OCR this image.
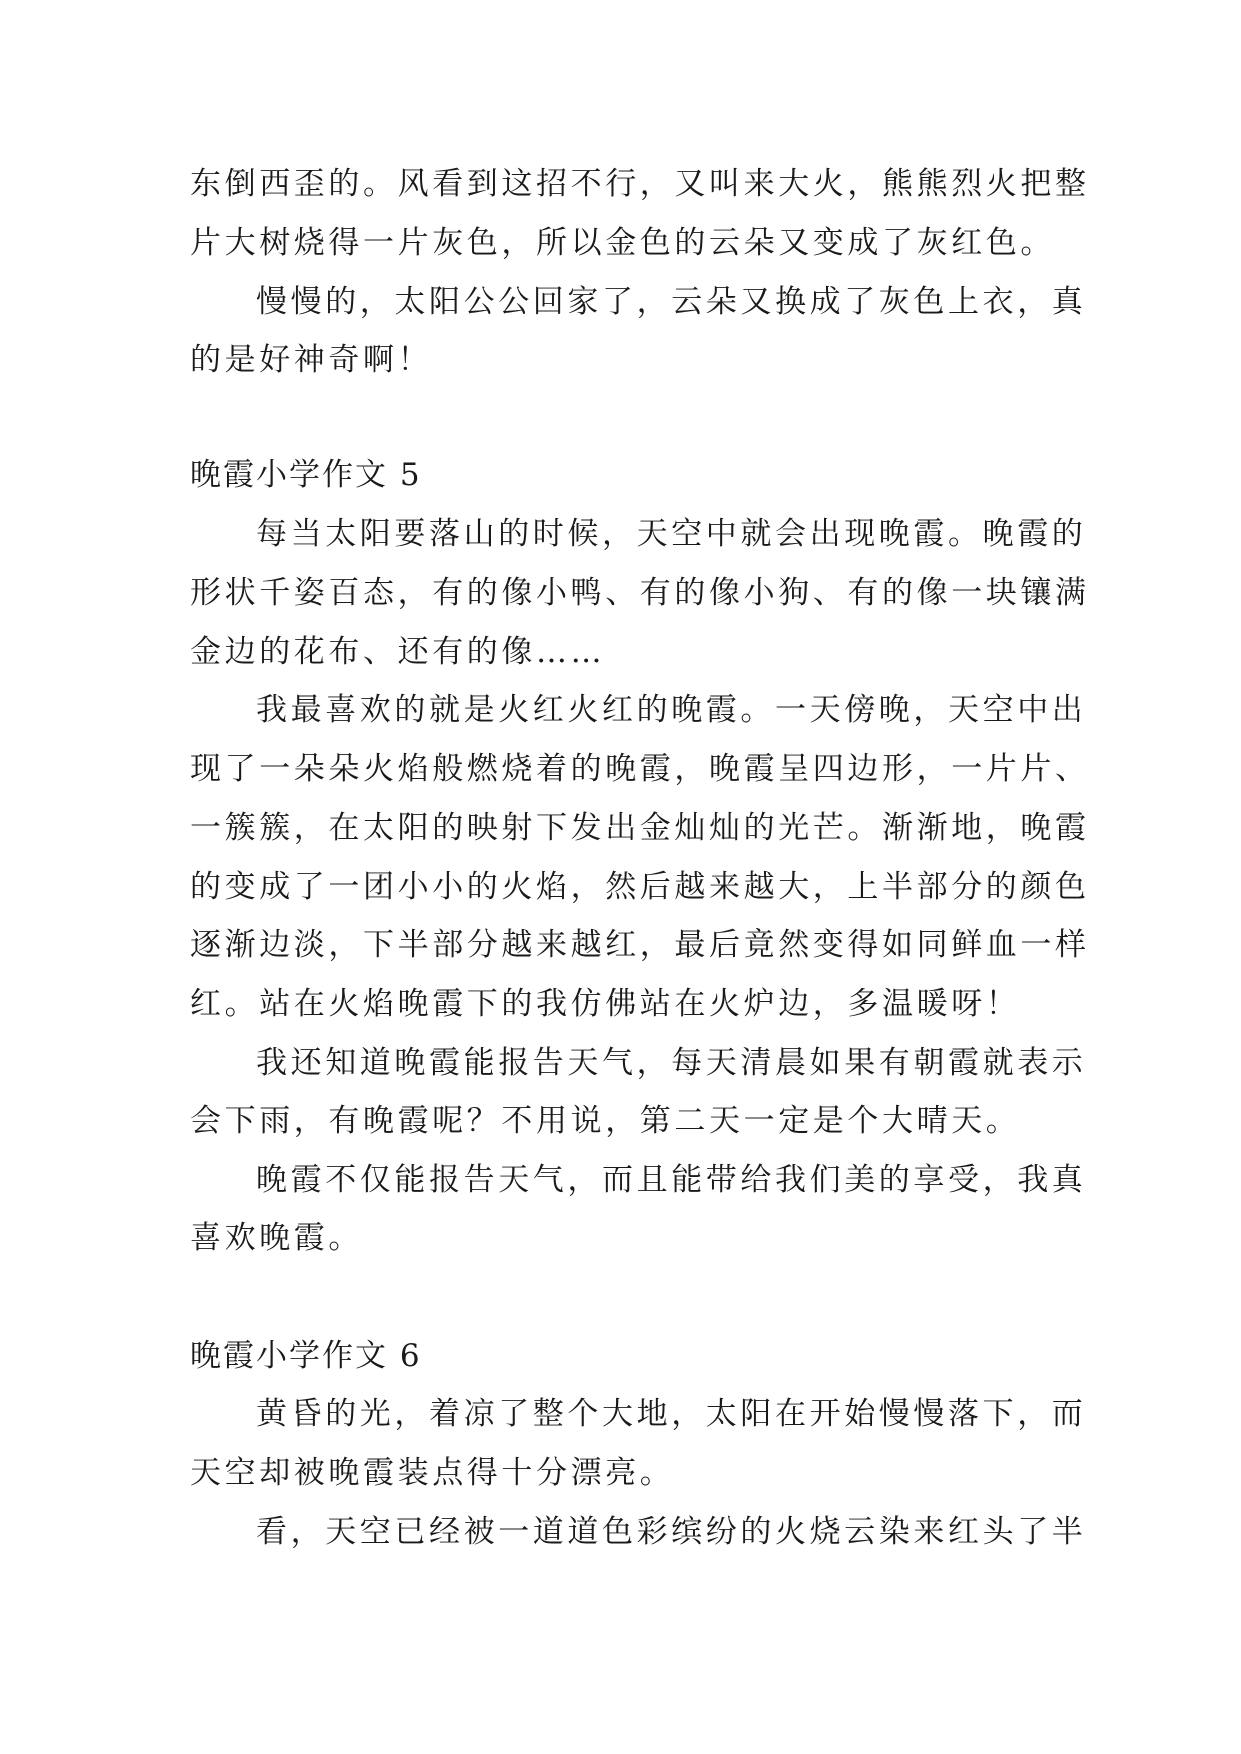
东倒西歪的。风看到这招不行，又叫来大火，熊熊烈火把整
片大树烧得一片灰色，所以金色的云朵又变成了灰红色。
慢慢的，太阳公公回家了，云朵又换成了灰色上衣，真
的是好神奇啊！
晚霞小学作文 5
每当太阳要落山的时候，天空中就会出现晚霞。晚霞的
形状千姿百态，有的像小鸭、有的像小狗、有的像一块镶满
金边的花布、还有的像……
我最喜欢的就是火红火红的晚霞。一天傍晚，天空中出
现了一朵朵火焰般燃烧着的晚霞，晚霞呈四边形，一片片、
一簇簇，在太阳的映射下发出金灿灿的光芒。渐渐地，晚霞
的变成了一团小小的火焰，然后越来越大，上半部分的颜色
逐渐边淡，下半部分越来越红，最后竟然变得如同鲜血一样
红。站在火焰晚霞下的我仿佛站在火炉边，多温暖呀！
我还知道晚霞能报告天气，每天清晨如果有朝霞就表示
会下雨，有晚霞呢？不用说，第二天一定是个大晴天。
晚霞不仅能报告天气，而且能带给我们美的享受，我真
喜欢晚霞。
晚霞小学作文 6
黄昏的光，着凉了整个大地，太阳在开始慢慢落下，而
天空却被晚霞装点得十分漂亮。
看，天空已经被一道道色彩缤纷的火烧云染来红头了半
